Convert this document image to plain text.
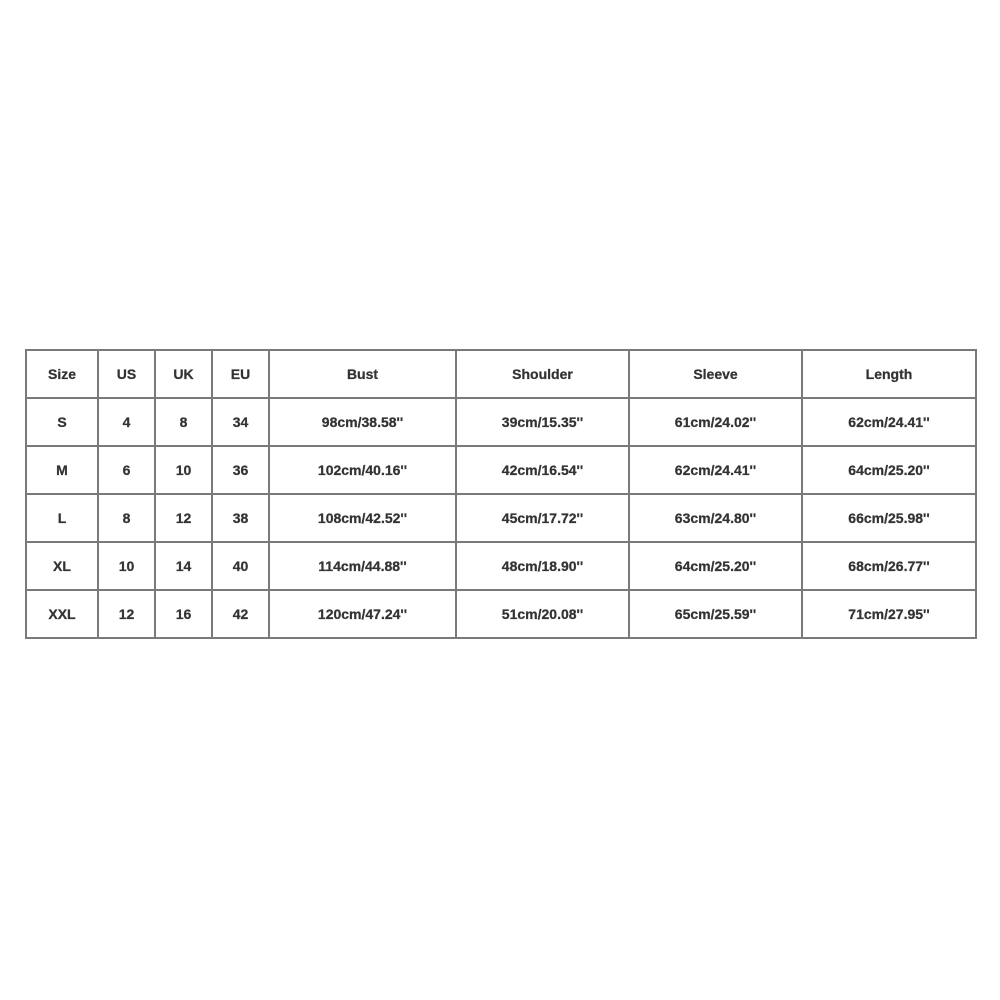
Size	US	UK	EU	Bust	Shoulder	Sleeve	Length
S	4	8	34	98cm/38.58''	39cm/15.35''	61cm/24.02''	62cm/24.41''
M	6	10	36	102cm/40.16''	42cm/16.54''	62cm/24.41''	64cm/25.20''
L	8	12	38	108cm/42.52''	45cm/17.72''	63cm/24.80''	66cm/25.98''
XL	10	14	40	114cm/44.88''	48cm/18.90''	64cm/25.20''	68cm/26.77''
XXL	12	16	42	120cm/47.24''	51cm/20.08''	65cm/25.59''	71cm/27.95''
